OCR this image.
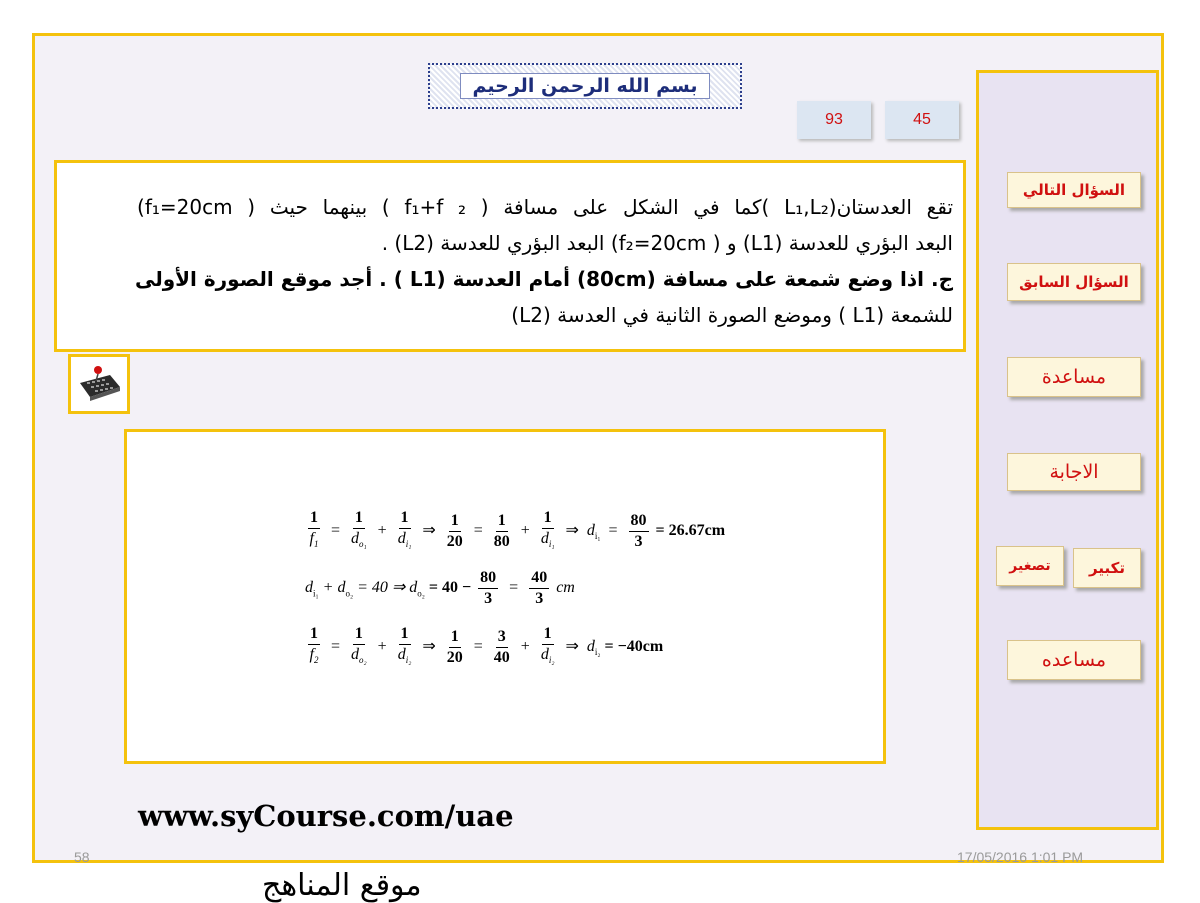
بسم الله الرحمن الرحيم
93	45
تقع العدستان(L₁,L₂ )كما في الشكل على مسافة ( f₁+f ₂ ) بينهما حيث ( f₁=20cm)
البعد البؤري للعدسة (L1) و ( f₂=20cm) البعد البؤري للعدسة (L2) .
ج. اذا وضع شمعة على مسافة (80cm) أمام العدسة (L1 ) . أجد موقع الصورة الأولى
للشمعة (L1 ) وموضع الصورة الثانية في العدسة (L2)
$\frac{1}{f_1} = \frac{1}{d_{o_1}} + \frac{1}{d_{i_1}}$ ⇒ $\frac{1}{20} = \frac{1}{80} + \frac{1}{d_{i_1}}$ ⇒ $d_{i_1} = \frac{80}{3} = 26.67cm$
$d_{i_1} + d_{o_2} = 40$ ⇒ $d_{o_2} = 40 - \frac{80}{3} = \frac{40}{3}$ cm
$\frac{1}{f_2} = \frac{1}{d_{o_2}} + \frac{1}{d_{i_2}}$ ⇒ $\frac{1}{20} = \frac{3}{40} + \frac{1}{d_{i_2}}$ ⇒ $d_{i_2} = -40cm$
www.syCourse.com/uae
58	17/05/2016 1:01 PM
موقع المناهج
السؤال التالي
السؤال السابق
مساعدة
الاجابة
تصغير	تكبير
مساعده
